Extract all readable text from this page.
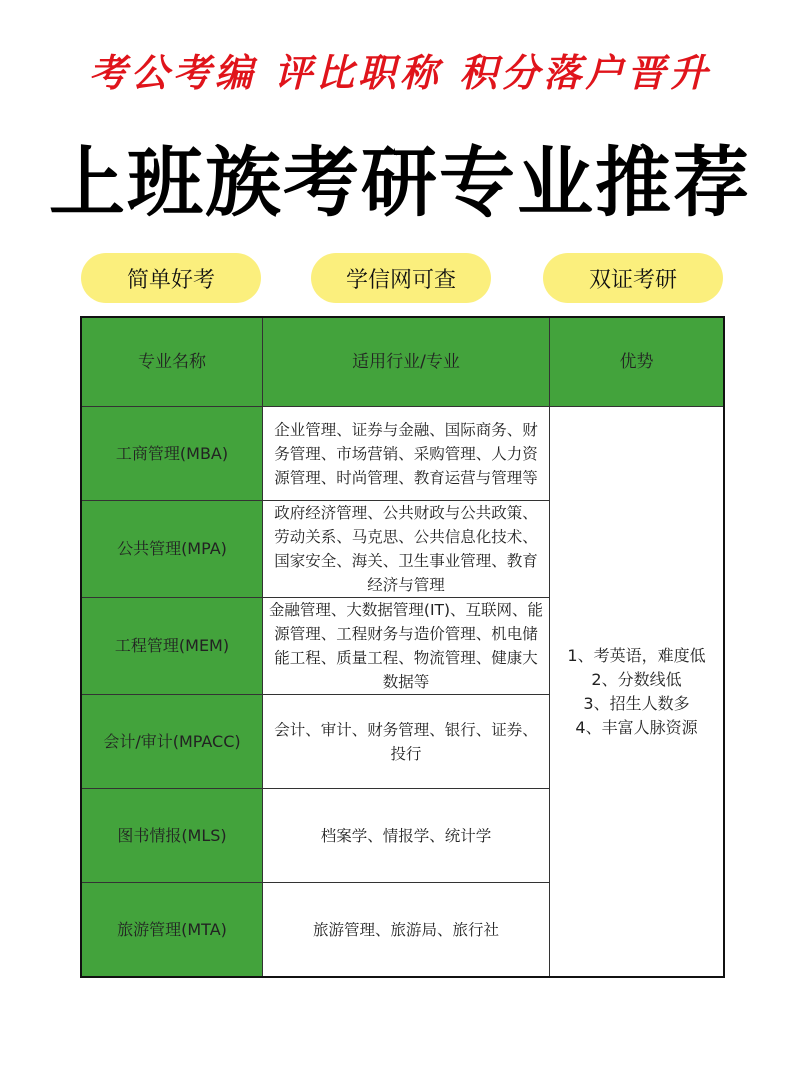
考公考编 评比职称 积分落户晋升
上班族考研专业推荐
简单好考	学信网可查	双证考研
专业名称	适用行业/专业	优势
工商管理(MBA)	企业管理、证券与金融、国际商务、财务管理、市场营销、采购管理、人力资源管理、时尚管理、教育运营与管理等	1、考英语，难度低
2、分数线低
3、招生人数多
4、丰富人脉资源

公共管理(MPA)	政府经济管理、公共财政与公共政策、劳动关系、马克思、公共信息化技术、国家安全、海关、卫生事业管理、教育经济与管理	
工程管理(MEM)	金融管理、大数据管理(IT)、互联网、能源管理、工程财务与造价管理、机电储能工程、质量工程、物流管理、健康大数据等	
会计/审计(MPACC)	会计、审计、财务管理、银行、证券、投行	
图书情报(MLS)	档案学、情报学、统计学	
旅游管理(MTA)	旅游管理、旅游局、旅行社	
